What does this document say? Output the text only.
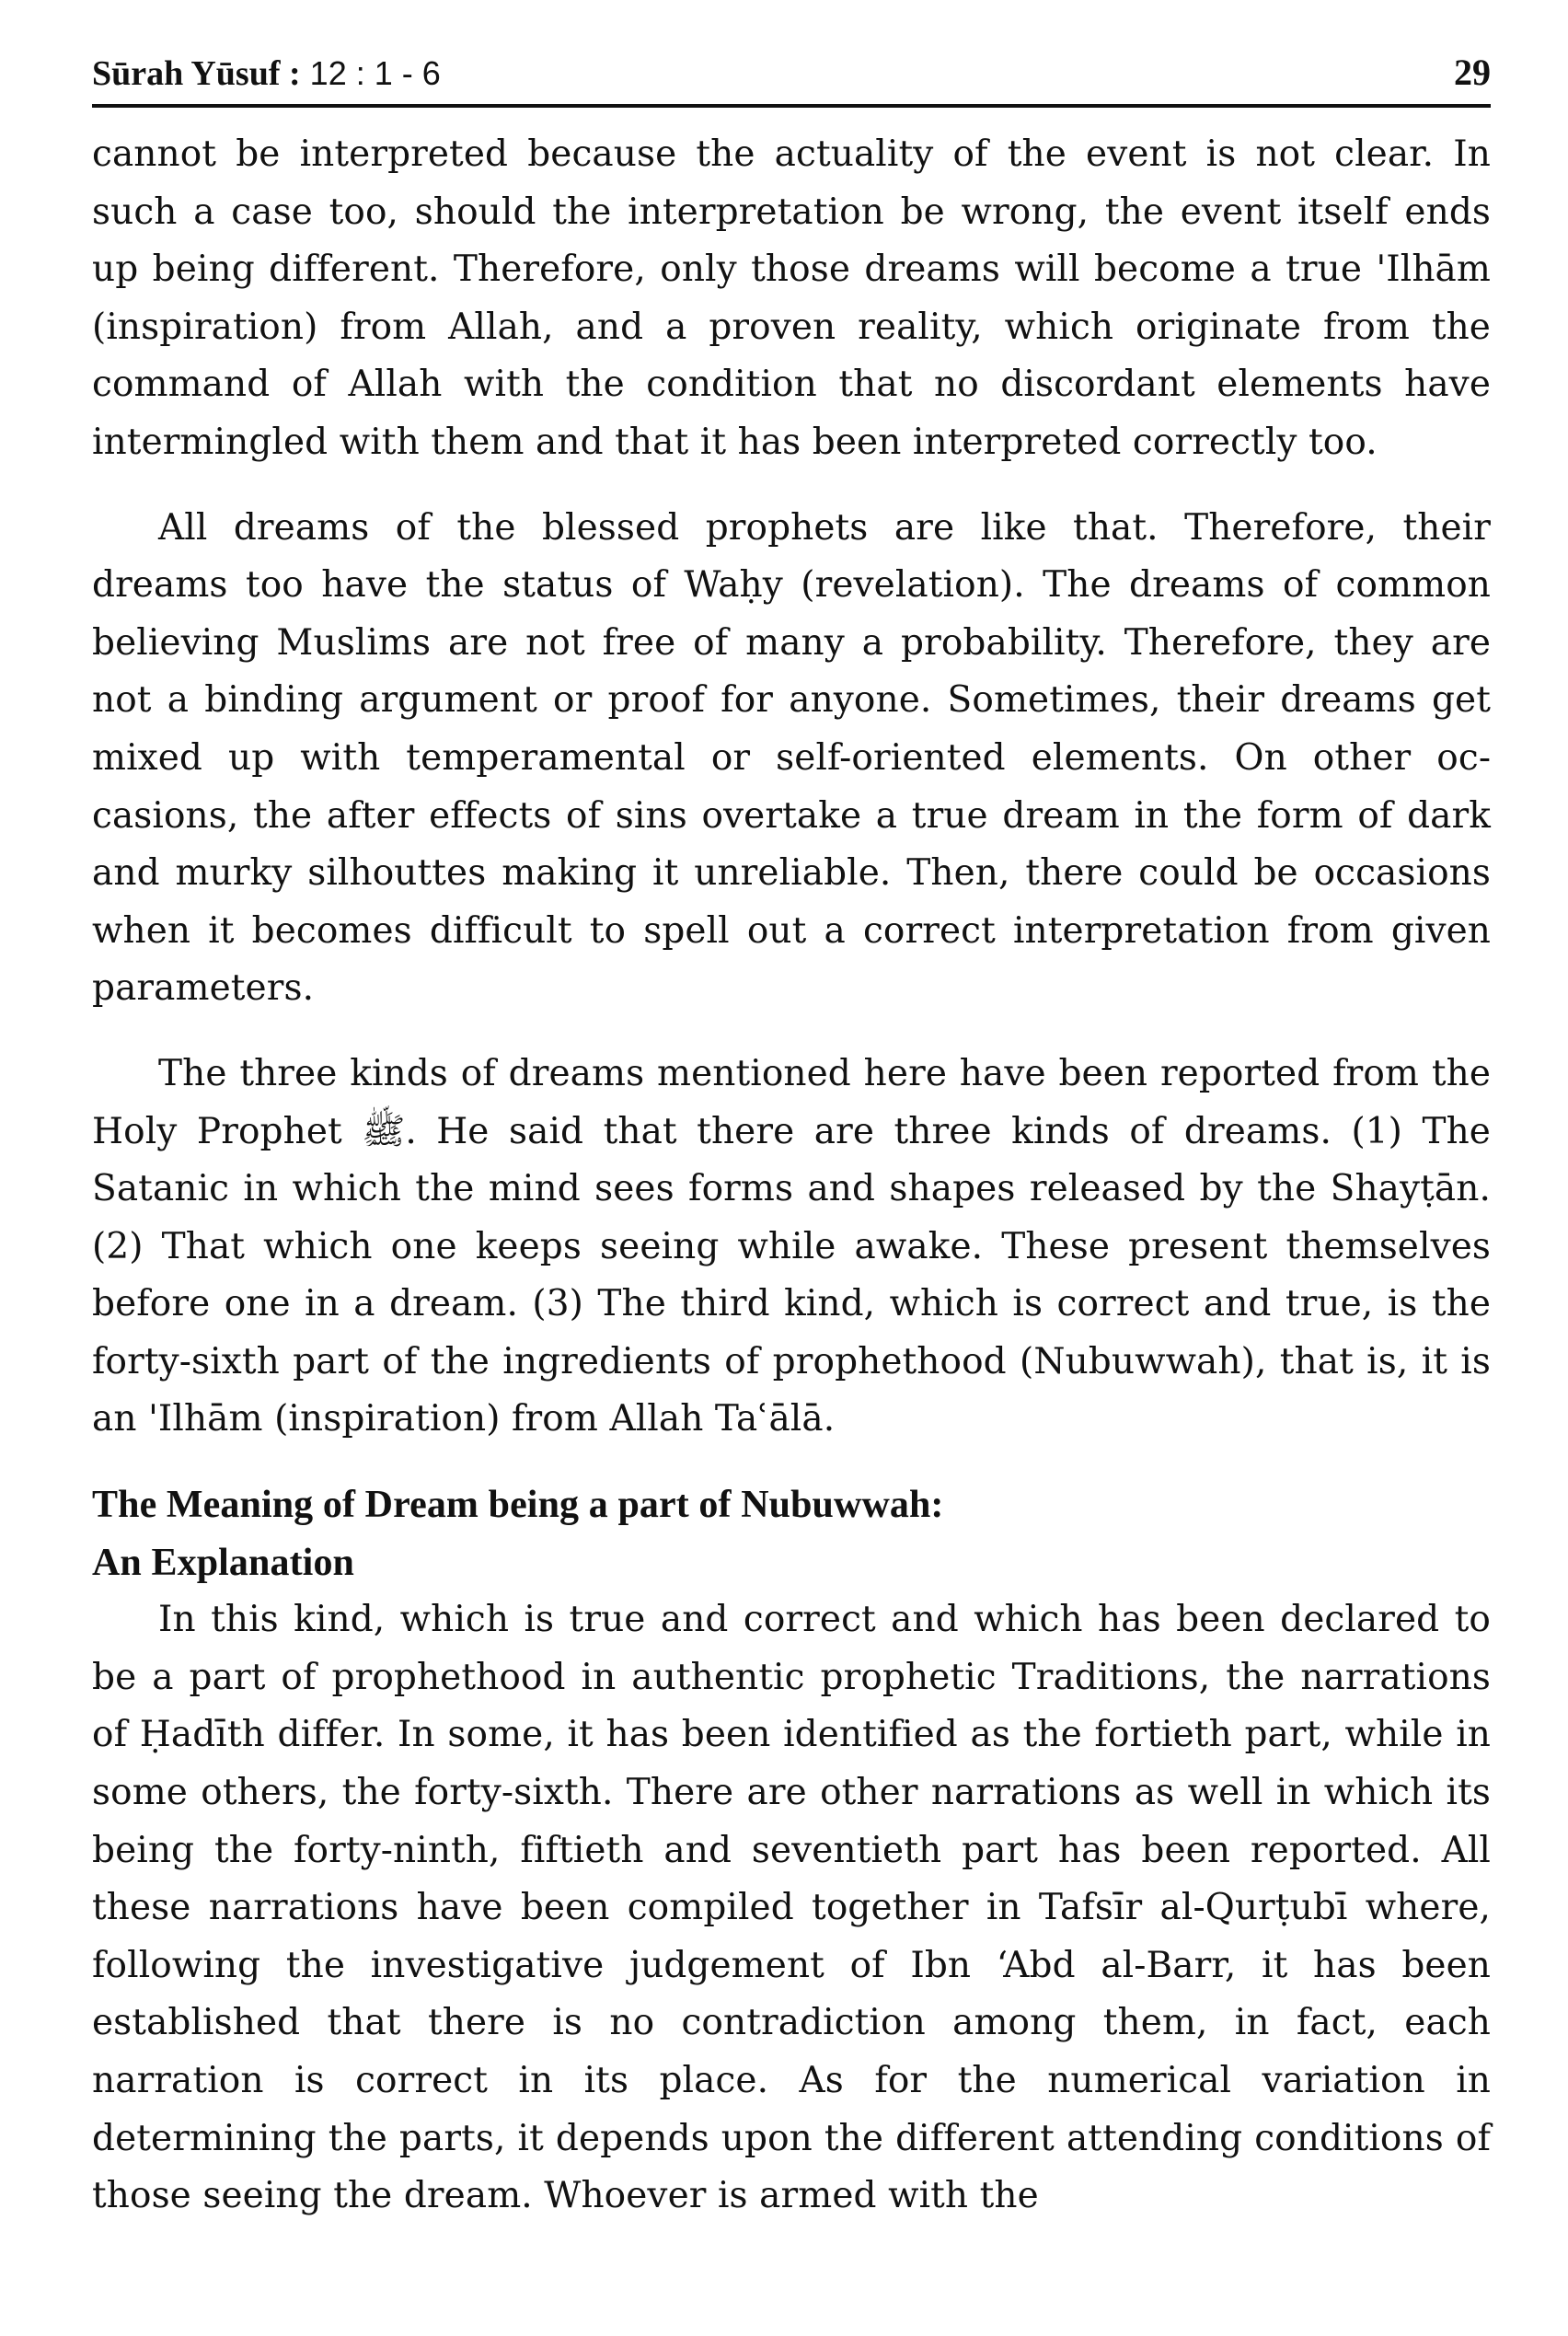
Sūrah Yūsuf : 12 : 1 - 6	29

cannot be interpreted because the actuality of the event is not clear. In such a case too, should the interpretation be wrong, the event itself ends up being different. Therefore, only those dreams will become a true 'Ilhām (inspiration) from Allah, and a proven reality, which originate from the command of Allah with the condition that no discordant elements have intermingled with them and that it has been interpreted correctly too.

All dreams of the blessed prophets are like that. Therefore, their dreams too have the status of Waḥy (revelation). The dreams of common believing Muslims are not free of many a probability. Therefore, they are not a binding argument or proof for anyone. Sometimes, their dreams get mixed up with temperamental or self-oriented elements. On other occasions, the after effects of sins overtake a true dream in the form of dark and murky silhouttes making it unreliable. Then, there could be occasions when it becomes difficult to spell out a correct interpretation from given parameters.

The three kinds of dreams mentioned here have been reported from the Holy Prophet ﷺ. He said that there are three kinds of dreams. (1) The Satanic in which the mind sees forms and shapes released by the Shayṭān. (2) That which one keeps seeing while awake. These present themselves before one in a dream. (3) The third kind, which is correct and true, is the forty-sixth part of the ingredients of prophethood (Nubuwwah), that is, it is an 'Ilhām (inspiration) from Allah Taʿālā.

The Meaning of Dream being a part of Nubuwwah:
An Explanation

In this kind, which is true and correct and which has been declared to be a part of prophethood in authentic prophetic Traditions, the narrations of Ḥadīth differ. In some, it has been identified as the fortieth part, while in some others, the forty-sixth. There are other narrations as well in which its being the forty-ninth, fiftieth and seventieth part has been reported. All these narrations have been compiled together in Tafsīr al-Qurṭubī where, following the investigative judgement of Ibn ‘Abd al-Barr, it has been established that there is no contradiction among them, in fact, each narration is correct in its place. As for the numerical variation in determining the parts, it depends upon the different attending conditions of those seeing the dream. Whoever is armed with the
